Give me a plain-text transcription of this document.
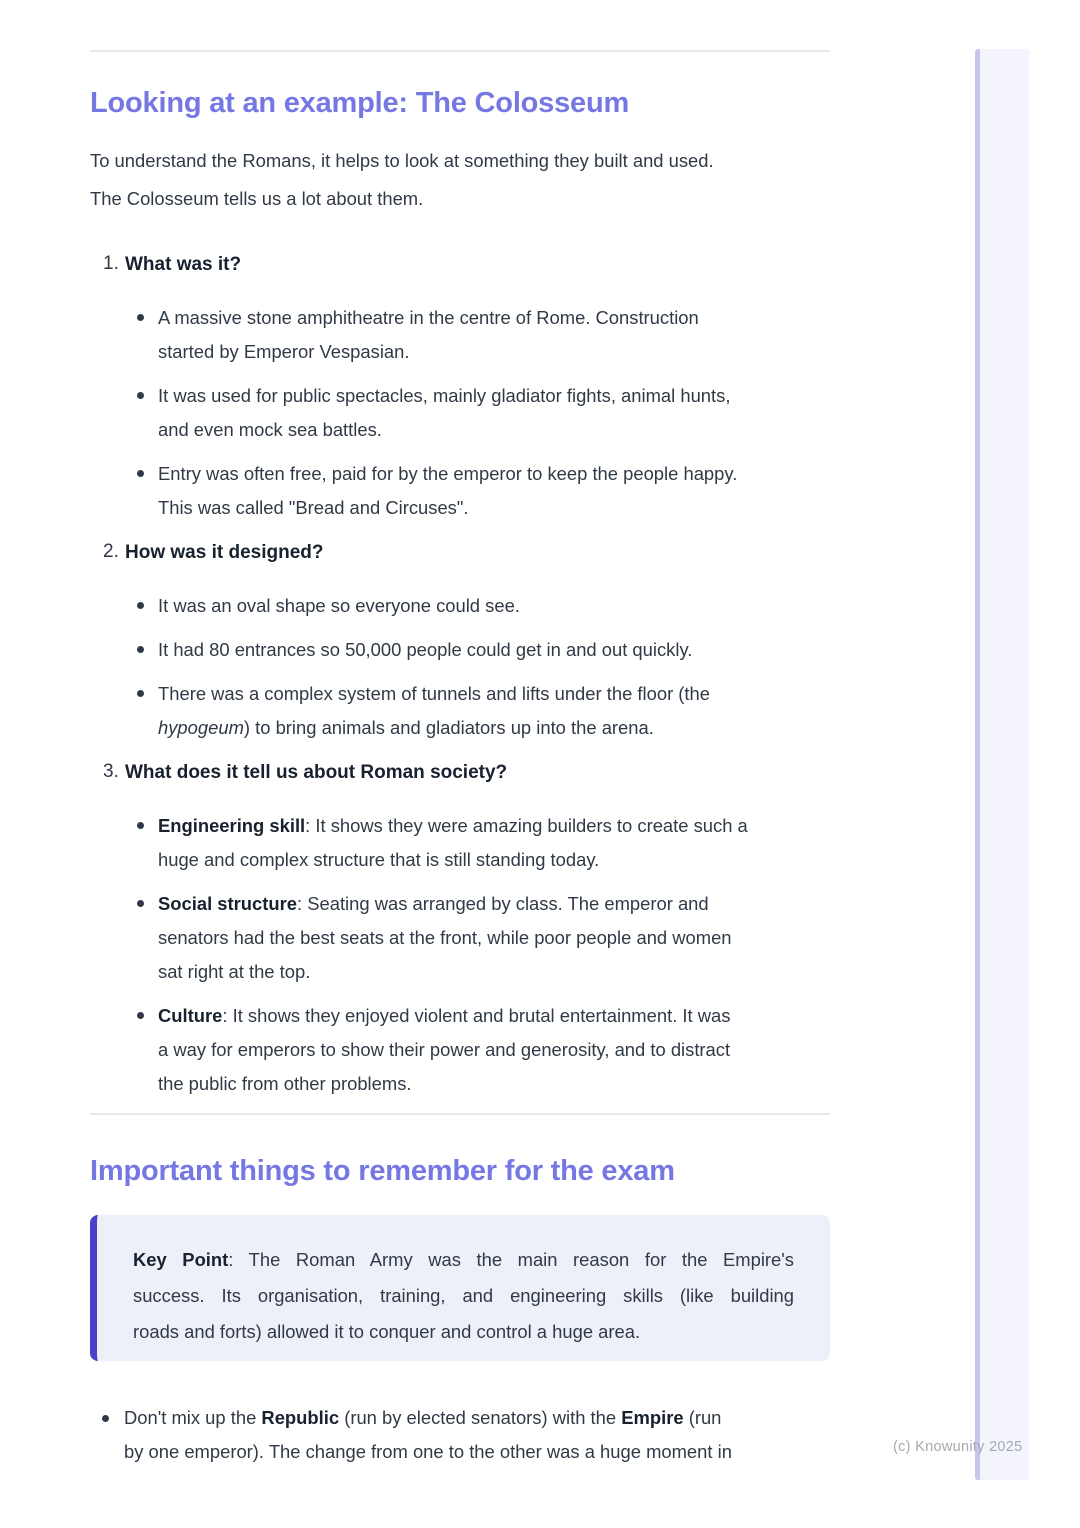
Looking at an example: The Colosseum

To understand the Romans, it helps to look at something they built and used.
The Colosseum tells us a lot about them.

1. What was it?
A massive stone amphitheatre in the centre of Rome. Construction
started by Emperor Vespasian.
It was used for public spectacles, mainly gladiator fights, animal hunts,
and even mock sea battles.
Entry was often free, paid for by the emperor to keep the people happy.
This was called "Bread and Circuses".
2. How was it designed?
It was an oval shape so everyone could see.
It had 80 entrances so 50,000 people could get in and out quickly.
There was a complex system of tunnels and lifts under the floor (the
hypogeum) to bring animals and gladiators up into the arena.
3. What does it tell us about Roman society?
Engineering skill: It shows they were amazing builders to create such a
huge and complex structure that is still standing today.
Social structure: Seating was arranged by class. The emperor and
senators had the best seats at the front, while poor people and women
sat right at the top.
Culture: It shows they enjoyed violent and brutal entertainment. It was
a way for emperors to show their power and generosity, and to distract
the public from other problems.
Important things to remember for the exam
Key Point: The Roman Army was the main reason for the Empire's
success. Its organisation, training, and engineering skills (like building
roads and forts) allowed it to conquer and control a huge area.
Don't mix up the Republic (run by elected senators) with the Empire (run
by one emperor). The change from one to the other was a huge moment in	(c) Knowunity 2025
